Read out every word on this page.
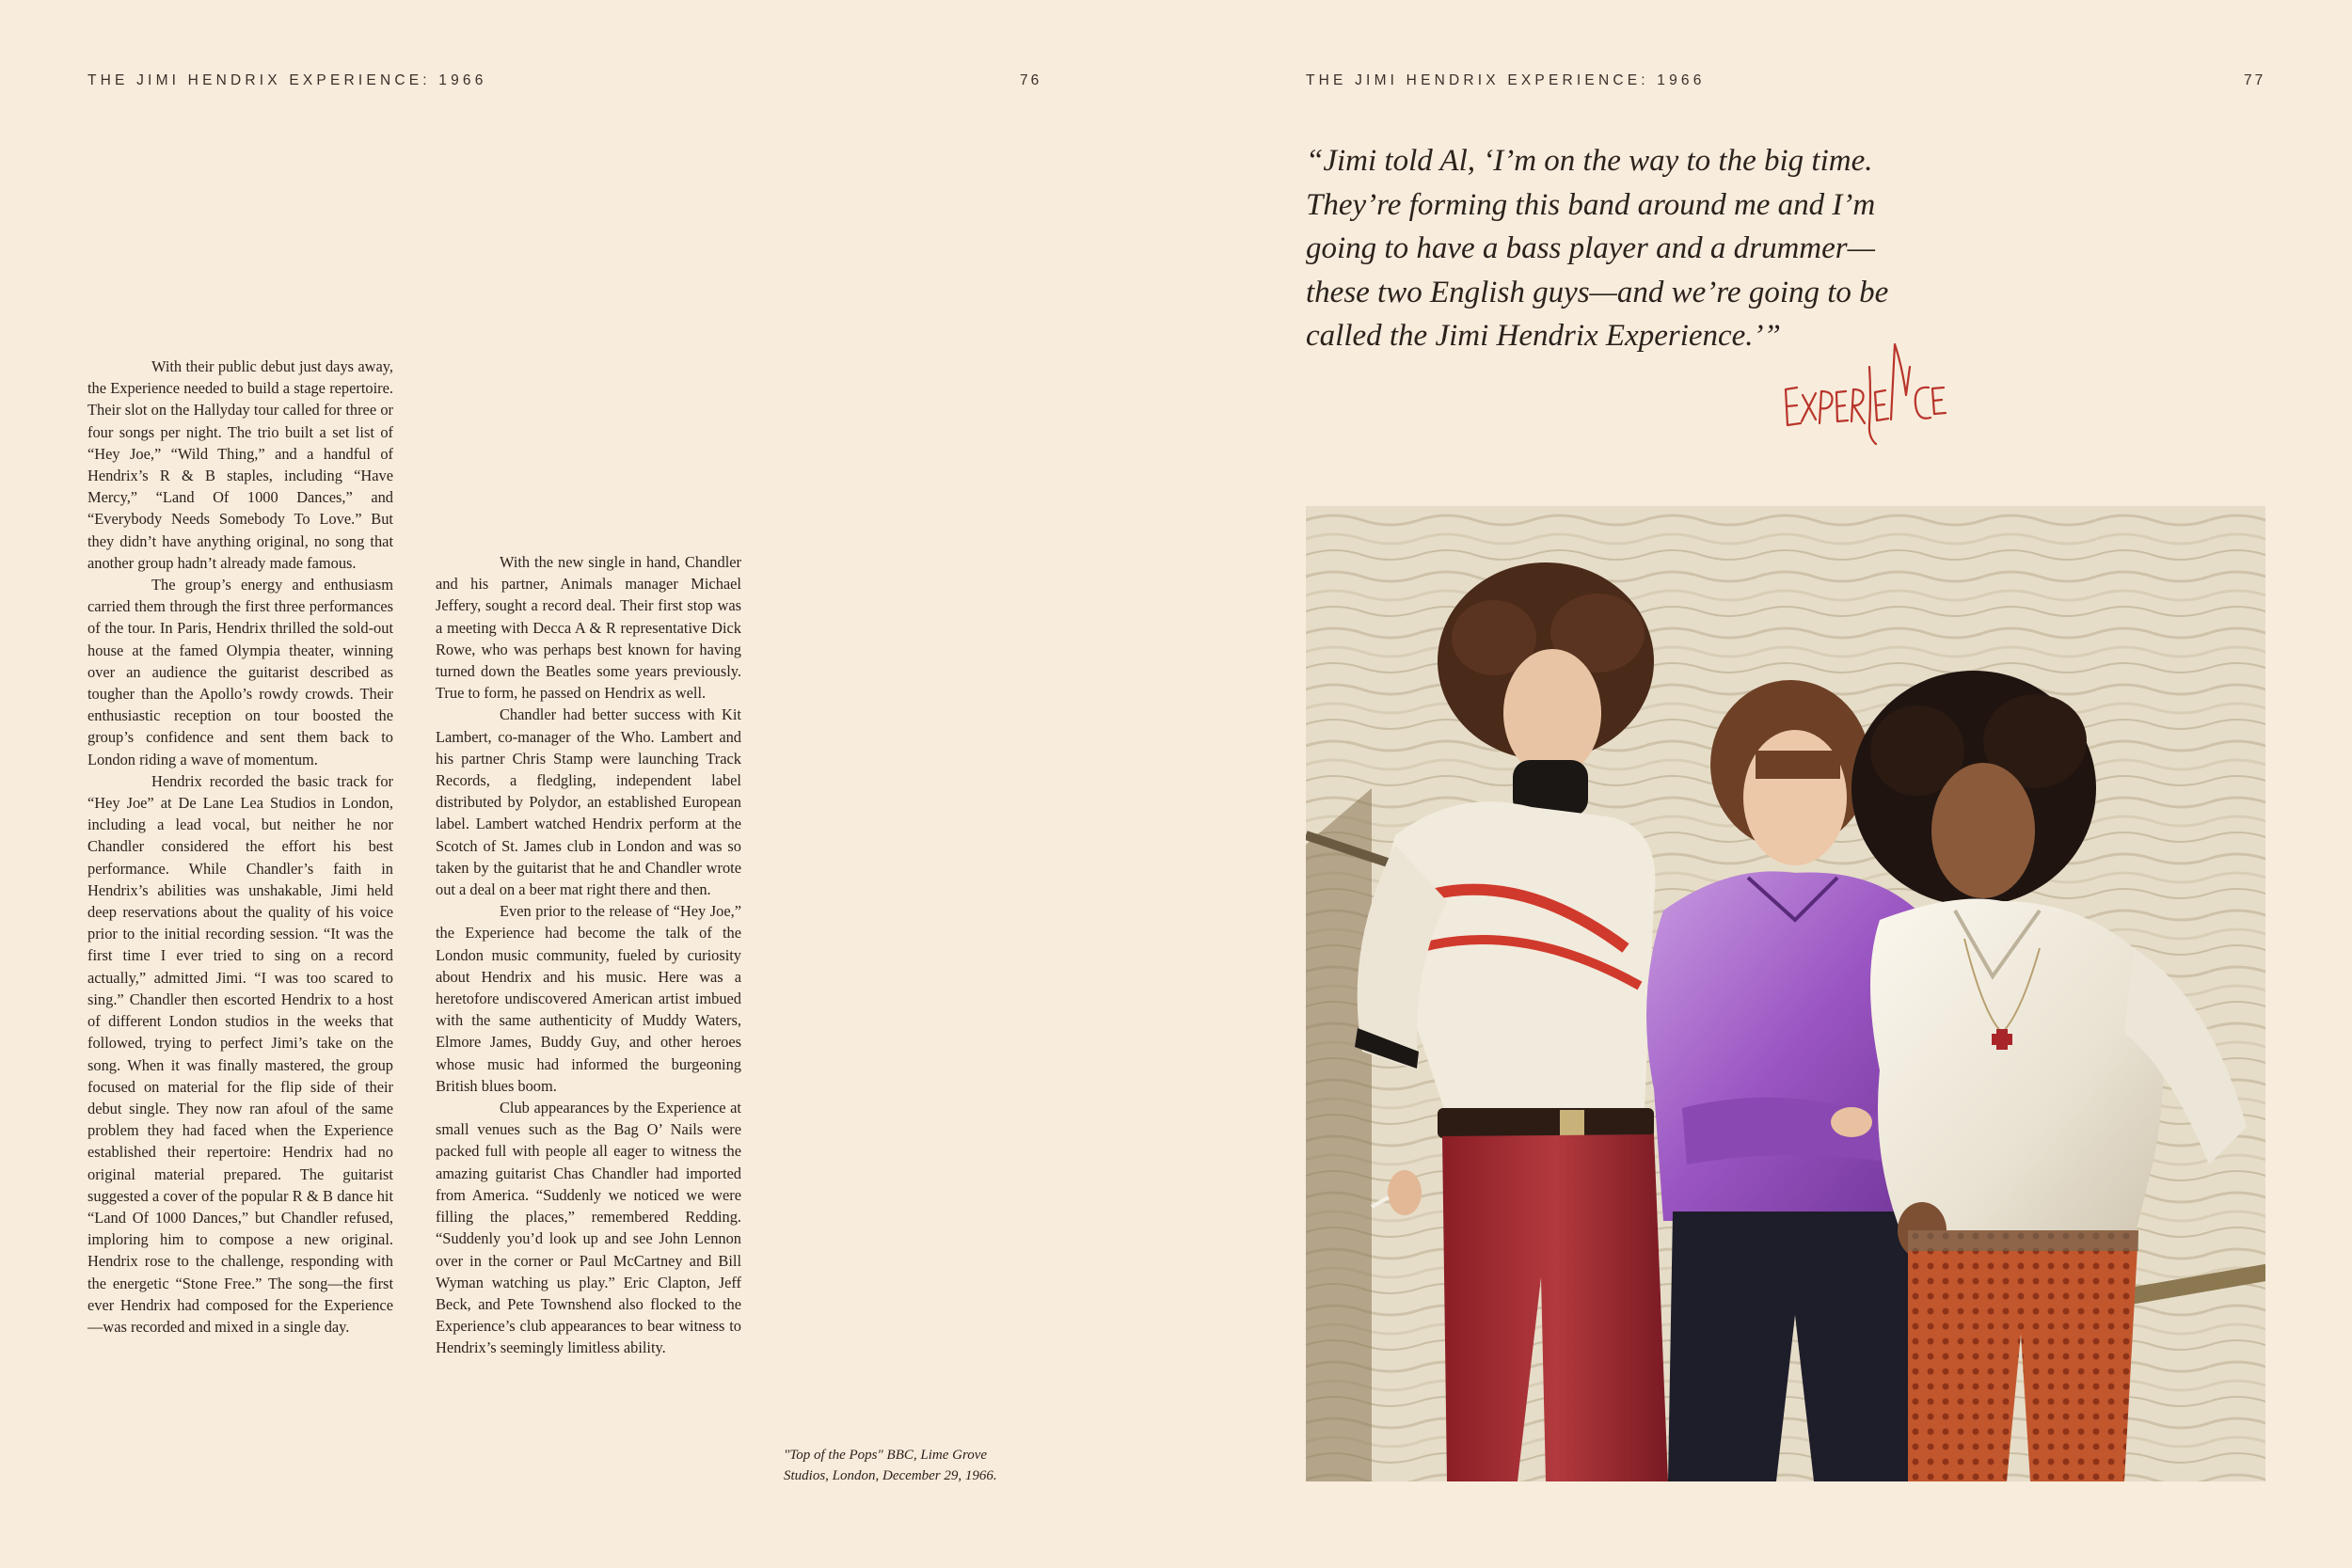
THE JIMI HENDRIX EXPERIENCE: 1966	76

With their public debut just days away, the Experience needed to build a stage repertoire. Their slot on the Hallyday tour called for three or four songs per night. The trio built a set list of “Hey Joe,” “Wild Thing,” and a handful of Hendrix’s R & B staples, including “Have Mercy,” “Land Of 1000 Dances,” and “Everybody Needs Somebody To Love.” But they didn’t have anything original, no song that another group hadn’t already made famous.

The group’s energy and enthusiasm carried them through the first three performances of the tour. In Paris, Hendrix thrilled the sold-out house at the famed Olympia theater, winning over an audience the guitarist described as tougher than the Apollo’s rowdy crowds. Their enthusiastic reception on tour boosted the group’s confidence and sent them back to London riding a wave of momentum.

Hendrix recorded the basic track for “Hey Joe” at De Lane Lea Studios in London, including a lead vocal, but neither he nor Chandler considered the effort his best performance. While Chandler’s faith in Hendrix’s abilities was unshakable, Jimi held deep reservations about the quality of his voice prior to the initial recording session. “It was the first time I ever tried to sing on a record actually,” admitted Jimi. “I was too scared to sing.” Chandler then escorted Hendrix to a host of different London studios in the weeks that followed, trying to perfect Jimi’s take on the song. When it was finally mastered, the group focused on material for the flip side of their debut single. They now ran afoul of the same problem they had faced when the Experience established their repertoire: Hendrix had no original material prepared. The guitarist suggested a cover of the popular R & B dance hit “Land Of 1000 Dances,” but Chandler refused, imploring him to compose a new original. Hendrix rose to the challenge, responding with the energetic “Stone Free.” The song—the first ever Hendrix had composed for the Experience—was recorded and mixed in a single day.

With the new single in hand, Chandler and his partner, Animals manager Michael Jeffery, sought a record deal. Their first stop was a meeting with Decca A & R representative Dick Rowe, who was perhaps best known for having turned down the Beatles some years previously. True to form, he passed on Hendrix as well.

Chandler had better success with Kit Lambert, co-manager of the Who. Lambert and his partner Chris Stamp were launching Track Records, a fledgling, independent label distributed by Polydor, an established European label. Lambert watched Hendrix perform at the Scotch of St. James club in London and was so taken by the guitarist that he and Chandler wrote out a deal on a beer mat right there and then.

Even prior to the release of “Hey Joe,” the Experience had become the talk of the London music community, fueled by curiosity about Hendrix and his music. Here was a heretofore undiscovered American artist imbued with the same authenticity of Muddy Waters, Elmore James, Buddy Guy, and other heroes whose music had informed the burgeoning British blues boom.

Club appearances by the Experience at small venues such as the Bag O’ Nails were packed full with people all eager to witness the amazing guitarist Chas Chandler had imported from America. “Suddenly we noticed we were filling the places,” remembered Redding. “Suddenly you’d look up and see John Lennon over in the corner or Paul McCartney and Bill Wyman watching us play.” Eric Clapton, Jeff Beck, and Pete Townshend also flocked to the Experience’s club appearances to bear witness to Hendrix’s seemingly limitless ability.

"Top of the Pops" BBC, Lime Grove
Studios, London, December 29, 1966.
THE JIMI HENDRIX EXPERIENCE: 1966	77
“Jimi told Al, ‘I’m on the way to the big time.
They’re forming this band around me and I’m
going to have a bass player and a drummer—
these two English guys—and we’re going to be
called the Jimi Hendrix Experience.’”
